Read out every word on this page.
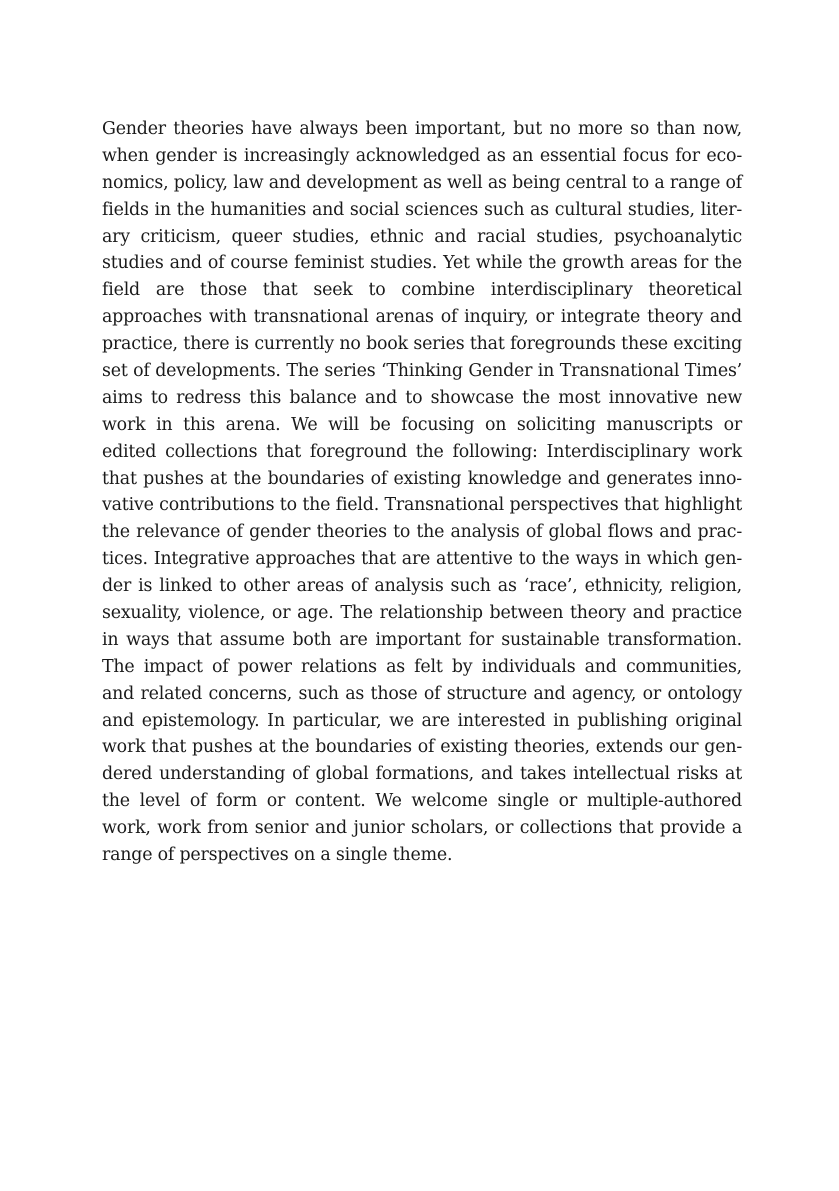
Gender theories have always been important, but no more so than now,
when gender is increasingly acknowledged as an essential focus for eco-
nomics, policy, law and development as well as being central to a range of
fields in the humanities and social sciences such as cultural studies, liter-
ary criticism, queer studies, ethnic and racial studies, psychoanalytic
studies and of course feminist studies. Yet while the growth areas for the
field are those that seek to combine interdisciplinary theoretical
approaches with transnational arenas of inquiry, or integrate theory and
practice, there is currently no book series that foregrounds these exciting
set of developments. The series ‘Thinking Gender in Transnational Times’
aims to redress this balance and to showcase the most innovative new
work in this arena. We will be focusing on soliciting manuscripts or
edited collections that foreground the following: Interdisciplinary work
that pushes at the boundaries of existing knowledge and generates inno-
vative contributions to the field. Transnational perspectives that highlight
the relevance of gender theories to the analysis of global flows and prac-
tices. Integrative approaches that are attentive to the ways in which gen-
der is linked to other areas of analysis such as ‘race’, ethnicity, religion,
sexuality, violence, or age. The relationship between theory and practice
in ways that assume both are important for sustainable transformation.
The impact of power relations as felt by individuals and communities,
and related concerns, such as those of structure and agency, or ontology
and epistemology. In particular, we are interested in publishing original
work that pushes at the boundaries of existing theories, extends our gen-
dered understanding of global formations, and takes intellectual risks at
the level of form or content. We welcome single or multiple-authored
work, work from senior and junior scholars, or collections that provide a
range of perspectives on a single theme.
